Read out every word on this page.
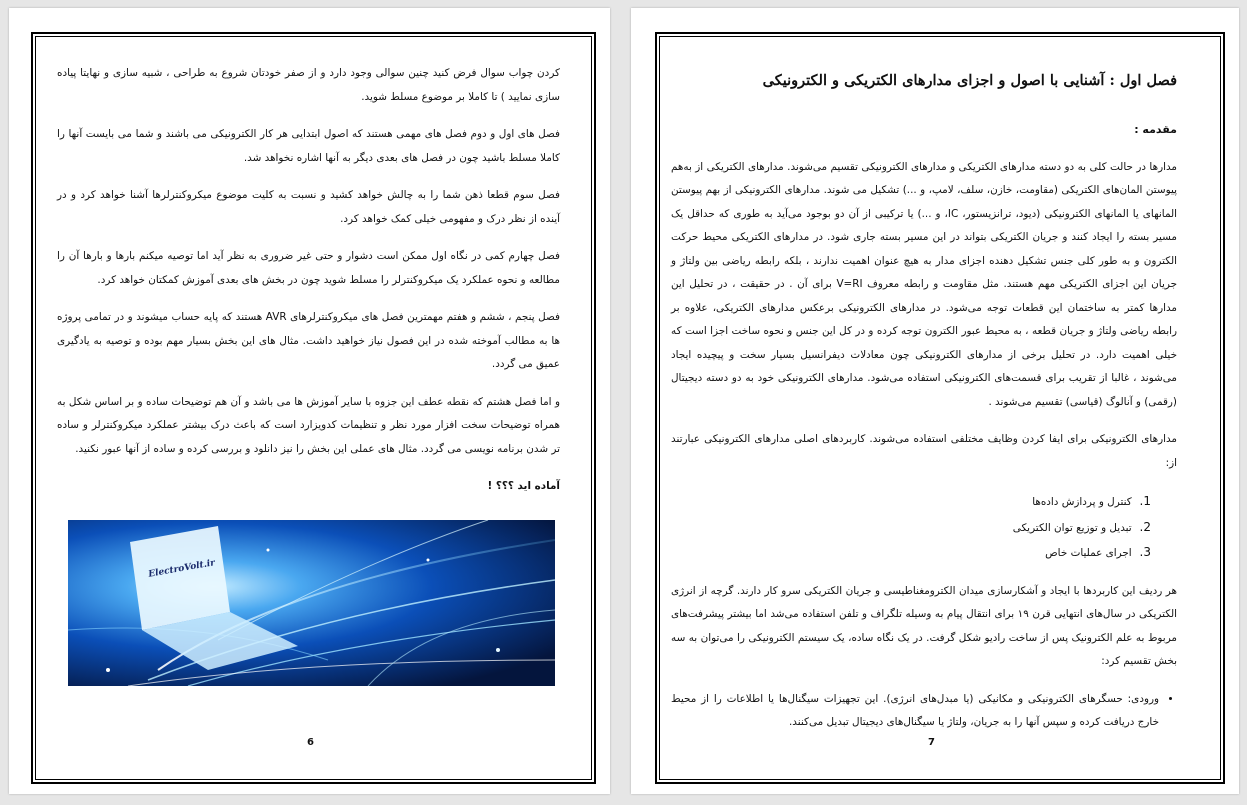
کردن چواب سوال فرض کنید چنین سوالی وجود دارد و از صفر خودتان شروع به طراحی ، شبیه سازی و نهایتا پیاده سازی نمایید ) تا کاملا بر موضوع مسلط شوید.

فصل های اول و دوم فصل های مهمی هستند که اصول ابتدایی هر کار الکترونیکی می باشند و شما می بایست آنها را کاملا مسلط باشید چون در فصل های بعدی دیگر به آنها اشاره نخواهد شد.

فصل سوم قطعا ذهن شما را به چالش خواهد کشید و نسبت به کلیت موضوع میکروکنترلرها آشنا خواهد کرد و در آینده از نظر درک و مفهومی خیلی کمک خواهد کرد.

فصل چهارم کمی در نگاه اول ممکن است دشوار و حتی غیر ضروری به نظر آید اما توصیه میکنم بارها و بارها آن را مطالعه و نحوه عملکرد یک میکروکنترلر را مسلط شوید چون در بخش های بعدی آموزش کمکتان خواهد کرد.

فصل پنجم ، ششم و هفتم مهمترین فصل های میکروکنترلرهای AVR هستند که پایه حساب میشوند و در تمامی پروژه ها به مطالب آموخته شده در این فصول نیاز خواهید داشت. مثال های این بخش بسیار مهم بوده و توصیه به یادگیری عمیق می گردد.

و اما فصل هشتم که نقطه عطف این جزوه با سایر آموزش ها می باشد و آن هم توضیحات ساده و بر اساس شکل به همراه توضیحات سخت افزار مورد نظر و تنظیمات کدویزارد است که باعث درک بیشتر عملکرد میکروکنترلر و ساده تر شدن برنامه نویسی می گردد. مثال های عملی این بخش را نیز دانلود و بررسی کرده و ساده از آنها عبور نکنید.

آماده اید ؟؟؟ !

ElectroVolt.ir
6

فصل اول : آشنایی با اصول و اجزای مدارهای الکتریکی و الکترونیکی

مقدمه :

مدارها در حالت کلی به دو دسته مدارهای الکتریکی و مدارهای الکترونیکی تقسیم می‌شوند. مدارهای الکتریکی از به‌هم پیوستن المان‌های الکتریکی (مقاومت، خازن، سلف، لامپ، و ...) تشکیل می شوند. مدارهای الکترونیکی از بهم پیوستن المانهای یا المانهای الکترونیکی (دیود، ترانزیستور، IC، و ...) یا ترکیبی از آن دو بوجود می‌آید به طوری که حداقل یک مسیر بسته را ایجاد کنند و جریان الکتریکی بتواند در این مسیر بسته جاری شود. در مدارهای الکتریکی محیط حرکت الکترون و به طور کلی جنس تشکیل دهنده اجزای مدار به هیچ عنوان اهمیت ندارند ، بلکه رابطه ریاضی بین ولتاژ و جریان این اجزای الکتریکی مهم هستند. مثل مقاومت و رابطه معروف V=RI برای آن . در حقیقت ، در تحلیل این مدارها کمتر به ساختمان این قطعات توجه می‌شود. در مدارهای الکترونیکی برعکس مدارهای الکتریکی، علاوه بر رابطه ریاضی ولتاژ و جریان قطعه ، به محیط عبور الکترون توجه کرده و در کل این جنس و نحوه ساخت اجزا است که خیلی اهمیت دارد. در تحلیل برخی از مدارهای الکترونیکی چون معادلات دیفرانسیل بسیار سخت و پیچیده ایجاد می‌شوند ، غالبا از تقریب برای قسمت‌های الکترونیکی استفاده می‌شود. مدارهای الکترونیکی خود به دو دسته دیجیتال (رقمی) و آنالوگ (قیاسی) تقسیم می‌شوند .

مدارهای الکترونیکی برای ایفا کردن وظایف مختلفی استفاده می‌شوند. کاربردهای اصلی مدارهای الکترونیکی عبارتند از:

1. کنترل و پردازش داده‌ها
2. تبدیل و توزیع توان الکتریکی
3. اجرای عملیات خاص

هر ردیف این کاربردها با ایجاد و آشکارسازی میدان الکترومغناطیسی و جریان الکتریکی سرو کار دارند. گرچه از انرژی الکتریکی در سال‌های انتهایی قرن ۱۹ برای انتقال پیام به وسیله تلگراف و تلفن استفاده می‌شد اما بیشتر پیشرفت‌های مربوط به علم الکترونیک پس از ساخت رادیو شکل گرفت. در یک نگاه ساده، یک سیستم الکترونیکی را می‌توان به سه بخش تقسیم کرد:

• ورودی: حسگرهای الکترونیکی و مکانیکی (یا مبدل‌های انرژی). این تجهیزات سیگنال‌ها یا اطلاعات را از محیط خارج دریافت کرده و سپس آنها را به جریان، ولتاژ یا سیگنال‌های دیجیتال تبدیل می‌کنند.
7
